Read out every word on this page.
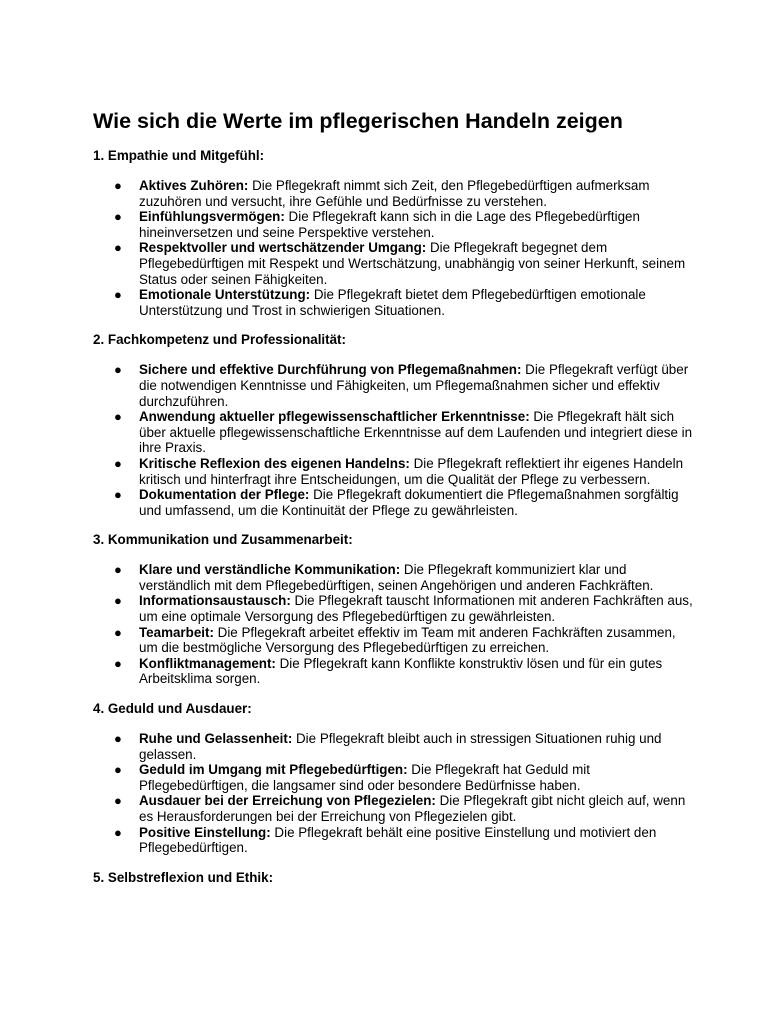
Wie sich die Werte im pflegerischen Handeln zeigen
1. Empathie und Mitgefühl:
● Aktives Zuhören: Die Pflegekraft nimmt sich Zeit, den Pflegebedürftigen aufmerksam zuzuhören und versucht, ihre Gefühle und Bedürfnisse zu verstehen.
● Einfühlungsvermögen: Die Pflegekraft kann sich in die Lage des Pflegebedürftigen hineinversetzen und seine Perspektive verstehen.
● Respektvoller und wertschätzender Umgang: Die Pflegekraft begegnet dem Pflegebedürftigen mit Respekt und Wertschätzung, unabhängig von seiner Herkunft, seinem Status oder seinen Fähigkeiten.
● Emotionale Unterstützung: Die Pflegekraft bietet dem Pflegebedürftigen emotionale Unterstützung und Trost in schwierigen Situationen.
2. Fachkompetenz und Professionalität:
● Sichere und effektive Durchführung von Pflegemaßnahmen: Die Pflegekraft verfügt über die notwendigen Kenntnisse und Fähigkeiten, um Pflegemaßnahmen sicher und effektiv durchzuführen.
● Anwendung aktueller pflegewissenschaftlicher Erkenntnisse: Die Pflegekraft hält sich über aktuelle pflegewissenschaftliche Erkenntnisse auf dem Laufenden und integriert diese in ihre Praxis.
● Kritische Reflexion des eigenen Handelns: Die Pflegekraft reflektiert ihr eigenes Handeln kritisch und hinterfragt ihre Entscheidungen, um die Qualität der Pflege zu verbessern.
● Dokumentation der Pflege: Die Pflegekraft dokumentiert die Pflegemaßnahmen sorgfältig und umfassend, um die Kontinuität der Pflege zu gewährleisten.
3. Kommunikation und Zusammenarbeit:
● Klare und verständliche Kommunikation: Die Pflegekraft kommuniziert klar und verständlich mit dem Pflegebedürftigen, seinen Angehörigen und anderen Fachkräften.
● Informationsaustausch: Die Pflegekraft tauscht Informationen mit anderen Fachkräften aus, um eine optimale Versorgung des Pflegebedürftigen zu gewährleisten.
● Teamarbeit: Die Pflegekraft arbeitet effektiv im Team mit anderen Fachkräften zusammen, um die bestmögliche Versorgung des Pflegebedürftigen zu erreichen.
● Konfliktmanagement: Die Pflegekraft kann Konflikte konstruktiv lösen und für ein gutes Arbeitsklima sorgen.
4. Geduld und Ausdauer:
● Ruhe und Gelassenheit: Die Pflegekraft bleibt auch in stressigen Situationen ruhig und gelassen.
● Geduld im Umgang mit Pflegebedürftigen: Die Pflegekraft hat Geduld mit Pflegebedürftigen, die langsamer sind oder besondere Bedürfnisse haben.
● Ausdauer bei der Erreichung von Pflegezielen: Die Pflegekraft gibt nicht gleich auf, wenn es Herausforderungen bei der Erreichung von Pflegezielen gibt.
● Positive Einstellung: Die Pflegekraft behält eine positive Einstellung und motiviert den Pflegebedürftigen.
5. Selbstreflexion und Ethik:
